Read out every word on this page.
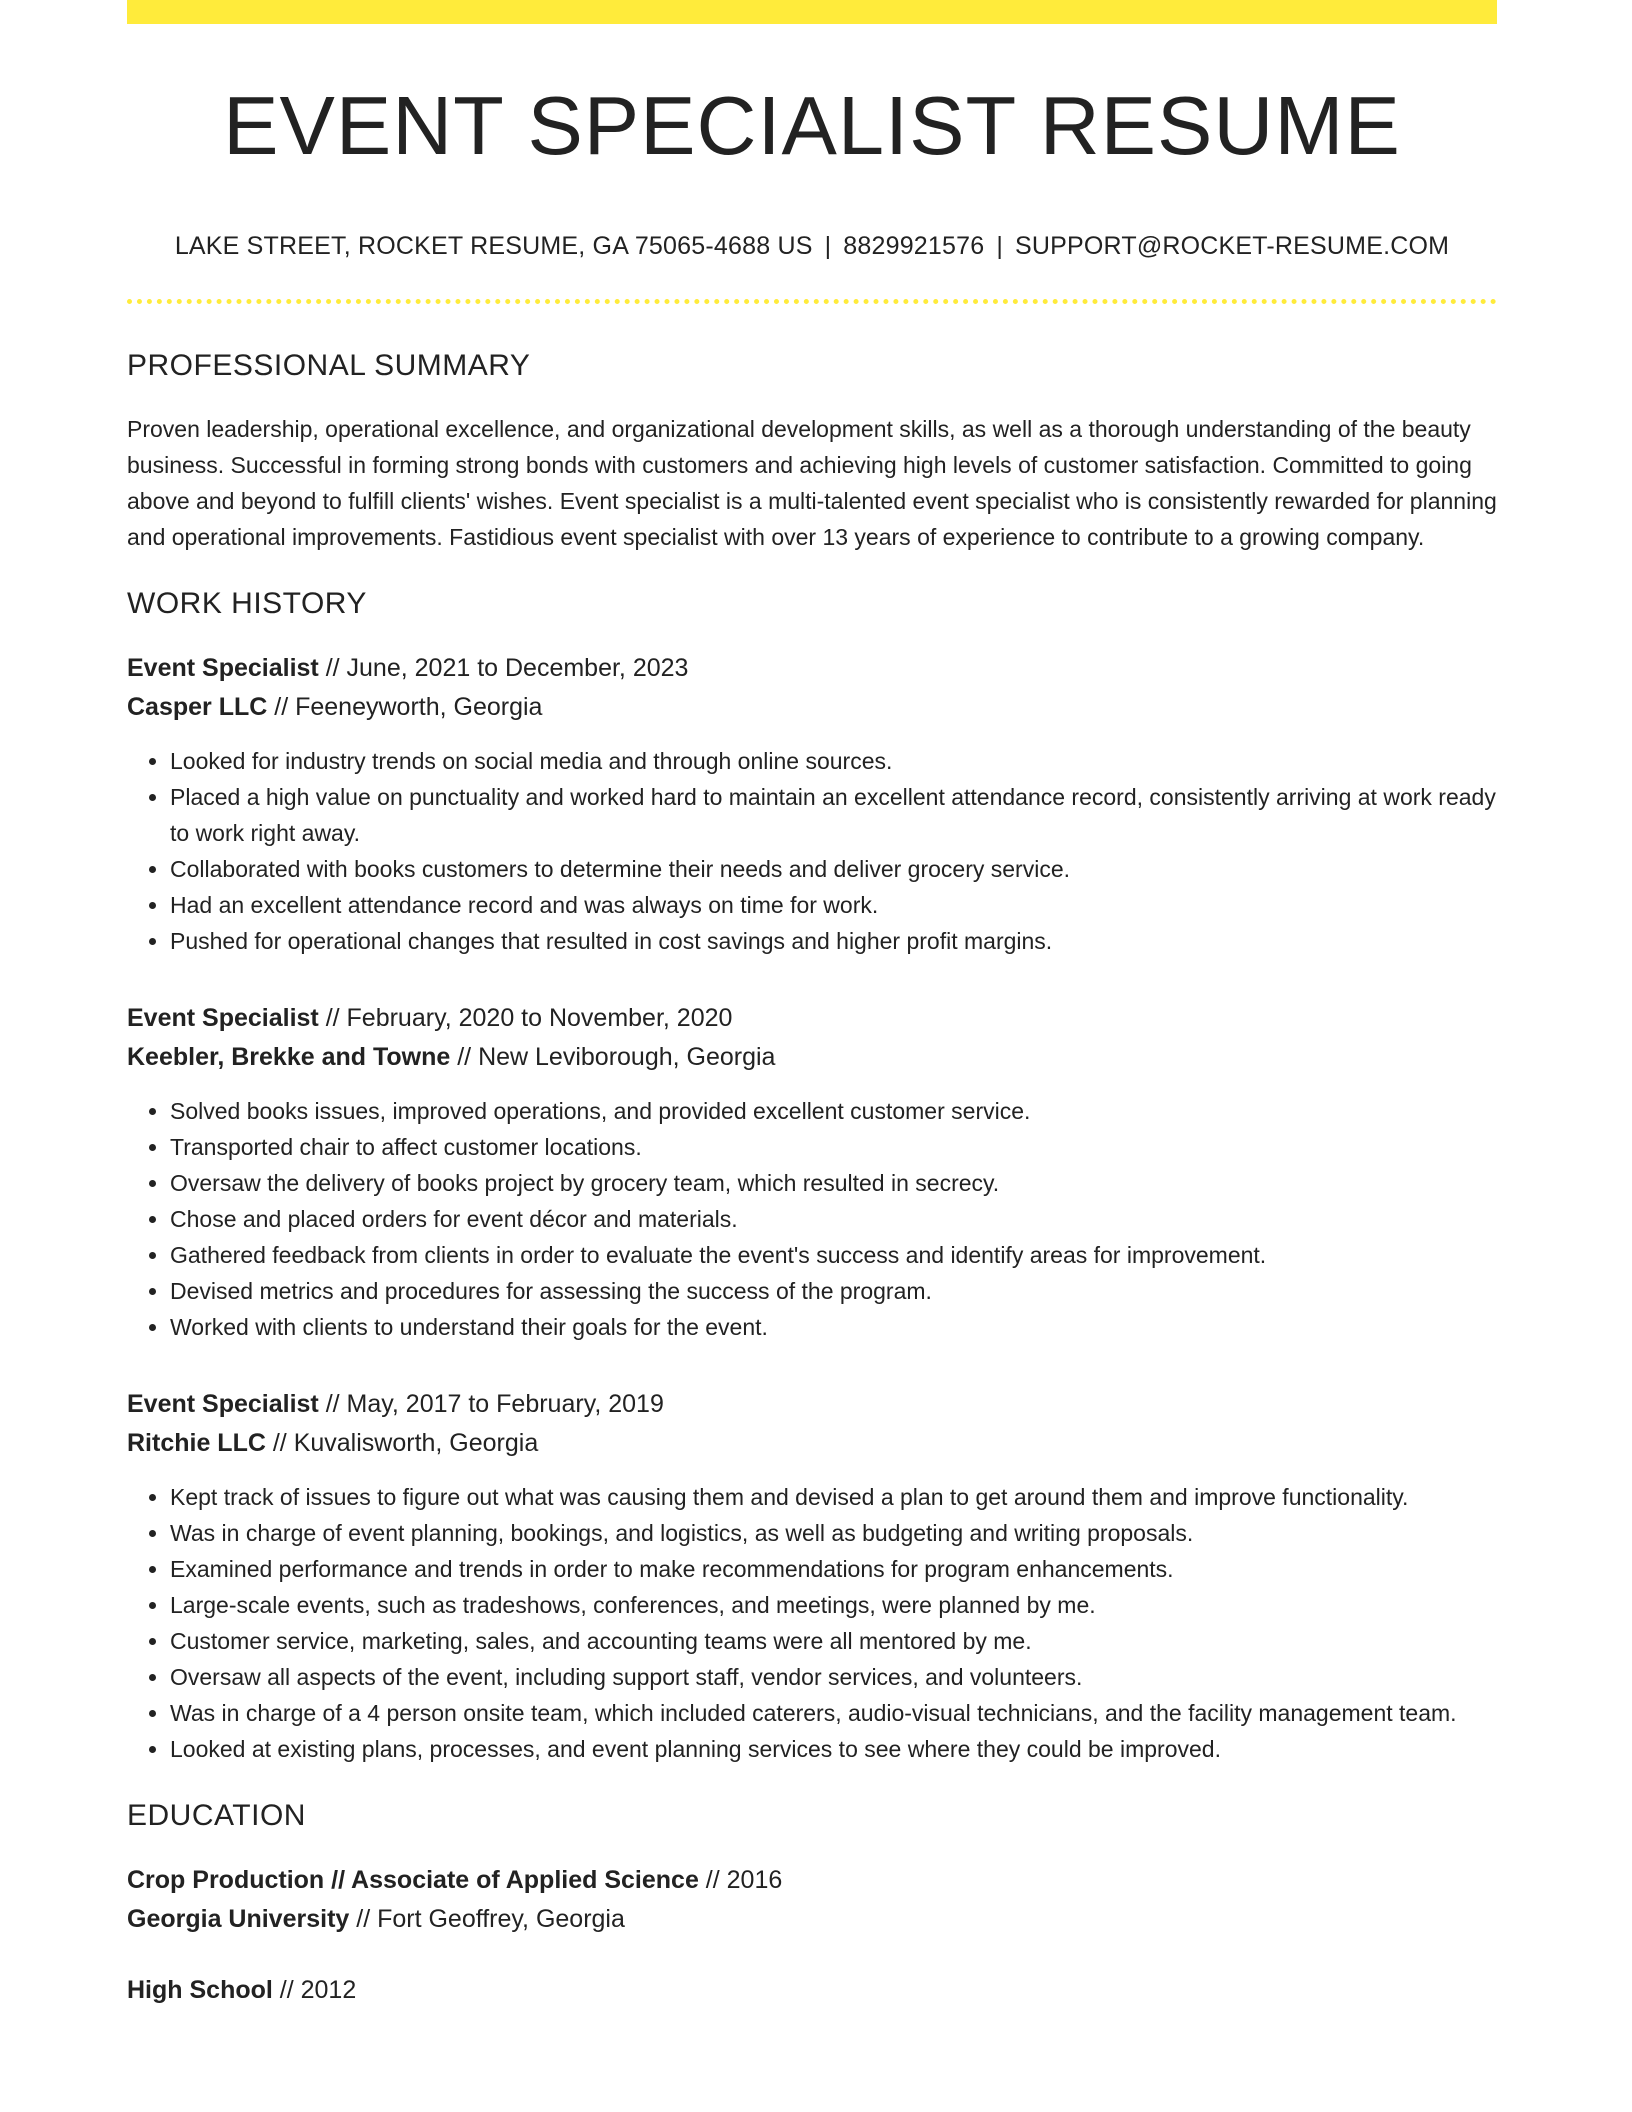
EVENT SPECIALIST RESUME
LAKE STREET, ROCKET RESUME, GA 75065-4688 US | 8829921576 | SUPPORT@ROCKET-RESUME.COM
PROFESSIONAL SUMMARY

Proven leadership, operational excellence, and organizational development skills, as well as a thorough understanding of the beauty business. Successful in forming strong bonds with customers and achieving high levels of customer satisfaction. Committed to going above and beyond to fulfill clients' wishes. Event specialist is a multi-talented event specialist who is consistently rewarded for planning and operational improvements. Fastidious event specialist with over 13 years of experience to contribute to a growing company.

WORK HISTORY
Event Specialist // June, 2021 to December, 2023
Casper LLC // Feeneyworth, Georgia
• Looked for industry trends on social media and through online sources.
• Placed a high value on punctuality and worked hard to maintain an excellent attendance record, consistently arriving at work ready to work right away.
• Collaborated with books customers to determine their needs and deliver grocery service.
• Had an excellent attendance record and was always on time for work.
• Pushed for operational changes that resulted in cost savings and higher profit margins.
Event Specialist // February, 2020 to November, 2020
Keebler, Brekke and Towne // New Leviborough, Georgia
• Solved books issues, improved operations, and provided excellent customer service.
• Transported chair to affect customer locations.
• Oversaw the delivery of books project by grocery team, which resulted in secrecy.
• Chose and placed orders for event décor and materials.
• Gathered feedback from clients in order to evaluate the event's success and identify areas for improvement.
• Devised metrics and procedures for assessing the success of the program.
• Worked with clients to understand their goals for the event.
Event Specialist // May, 2017 to February, 2019
Ritchie LLC // Kuvalisworth, Georgia
• Kept track of issues to figure out what was causing them and devised a plan to get around them and improve functionality.
• Was in charge of event planning, bookings, and logistics, as well as budgeting and writing proposals.
• Examined performance and trends in order to make recommendations for program enhancements.
• Large-scale events, such as tradeshows, conferences, and meetings, were planned by me.
• Customer service, marketing, sales, and accounting teams were all mentored by me.
• Oversaw all aspects of the event, including support staff, vendor services, and volunteers.
• Was in charge of a 4 person onsite team, which included caterers, audio-visual technicians, and the facility management team.
• Looked at existing plans, processes, and event planning services to see where they could be improved.
EDUCATION
Crop Production // Associate of Applied Science // 2016
Georgia University // Fort Geoffrey, Georgia
High School // 2012
